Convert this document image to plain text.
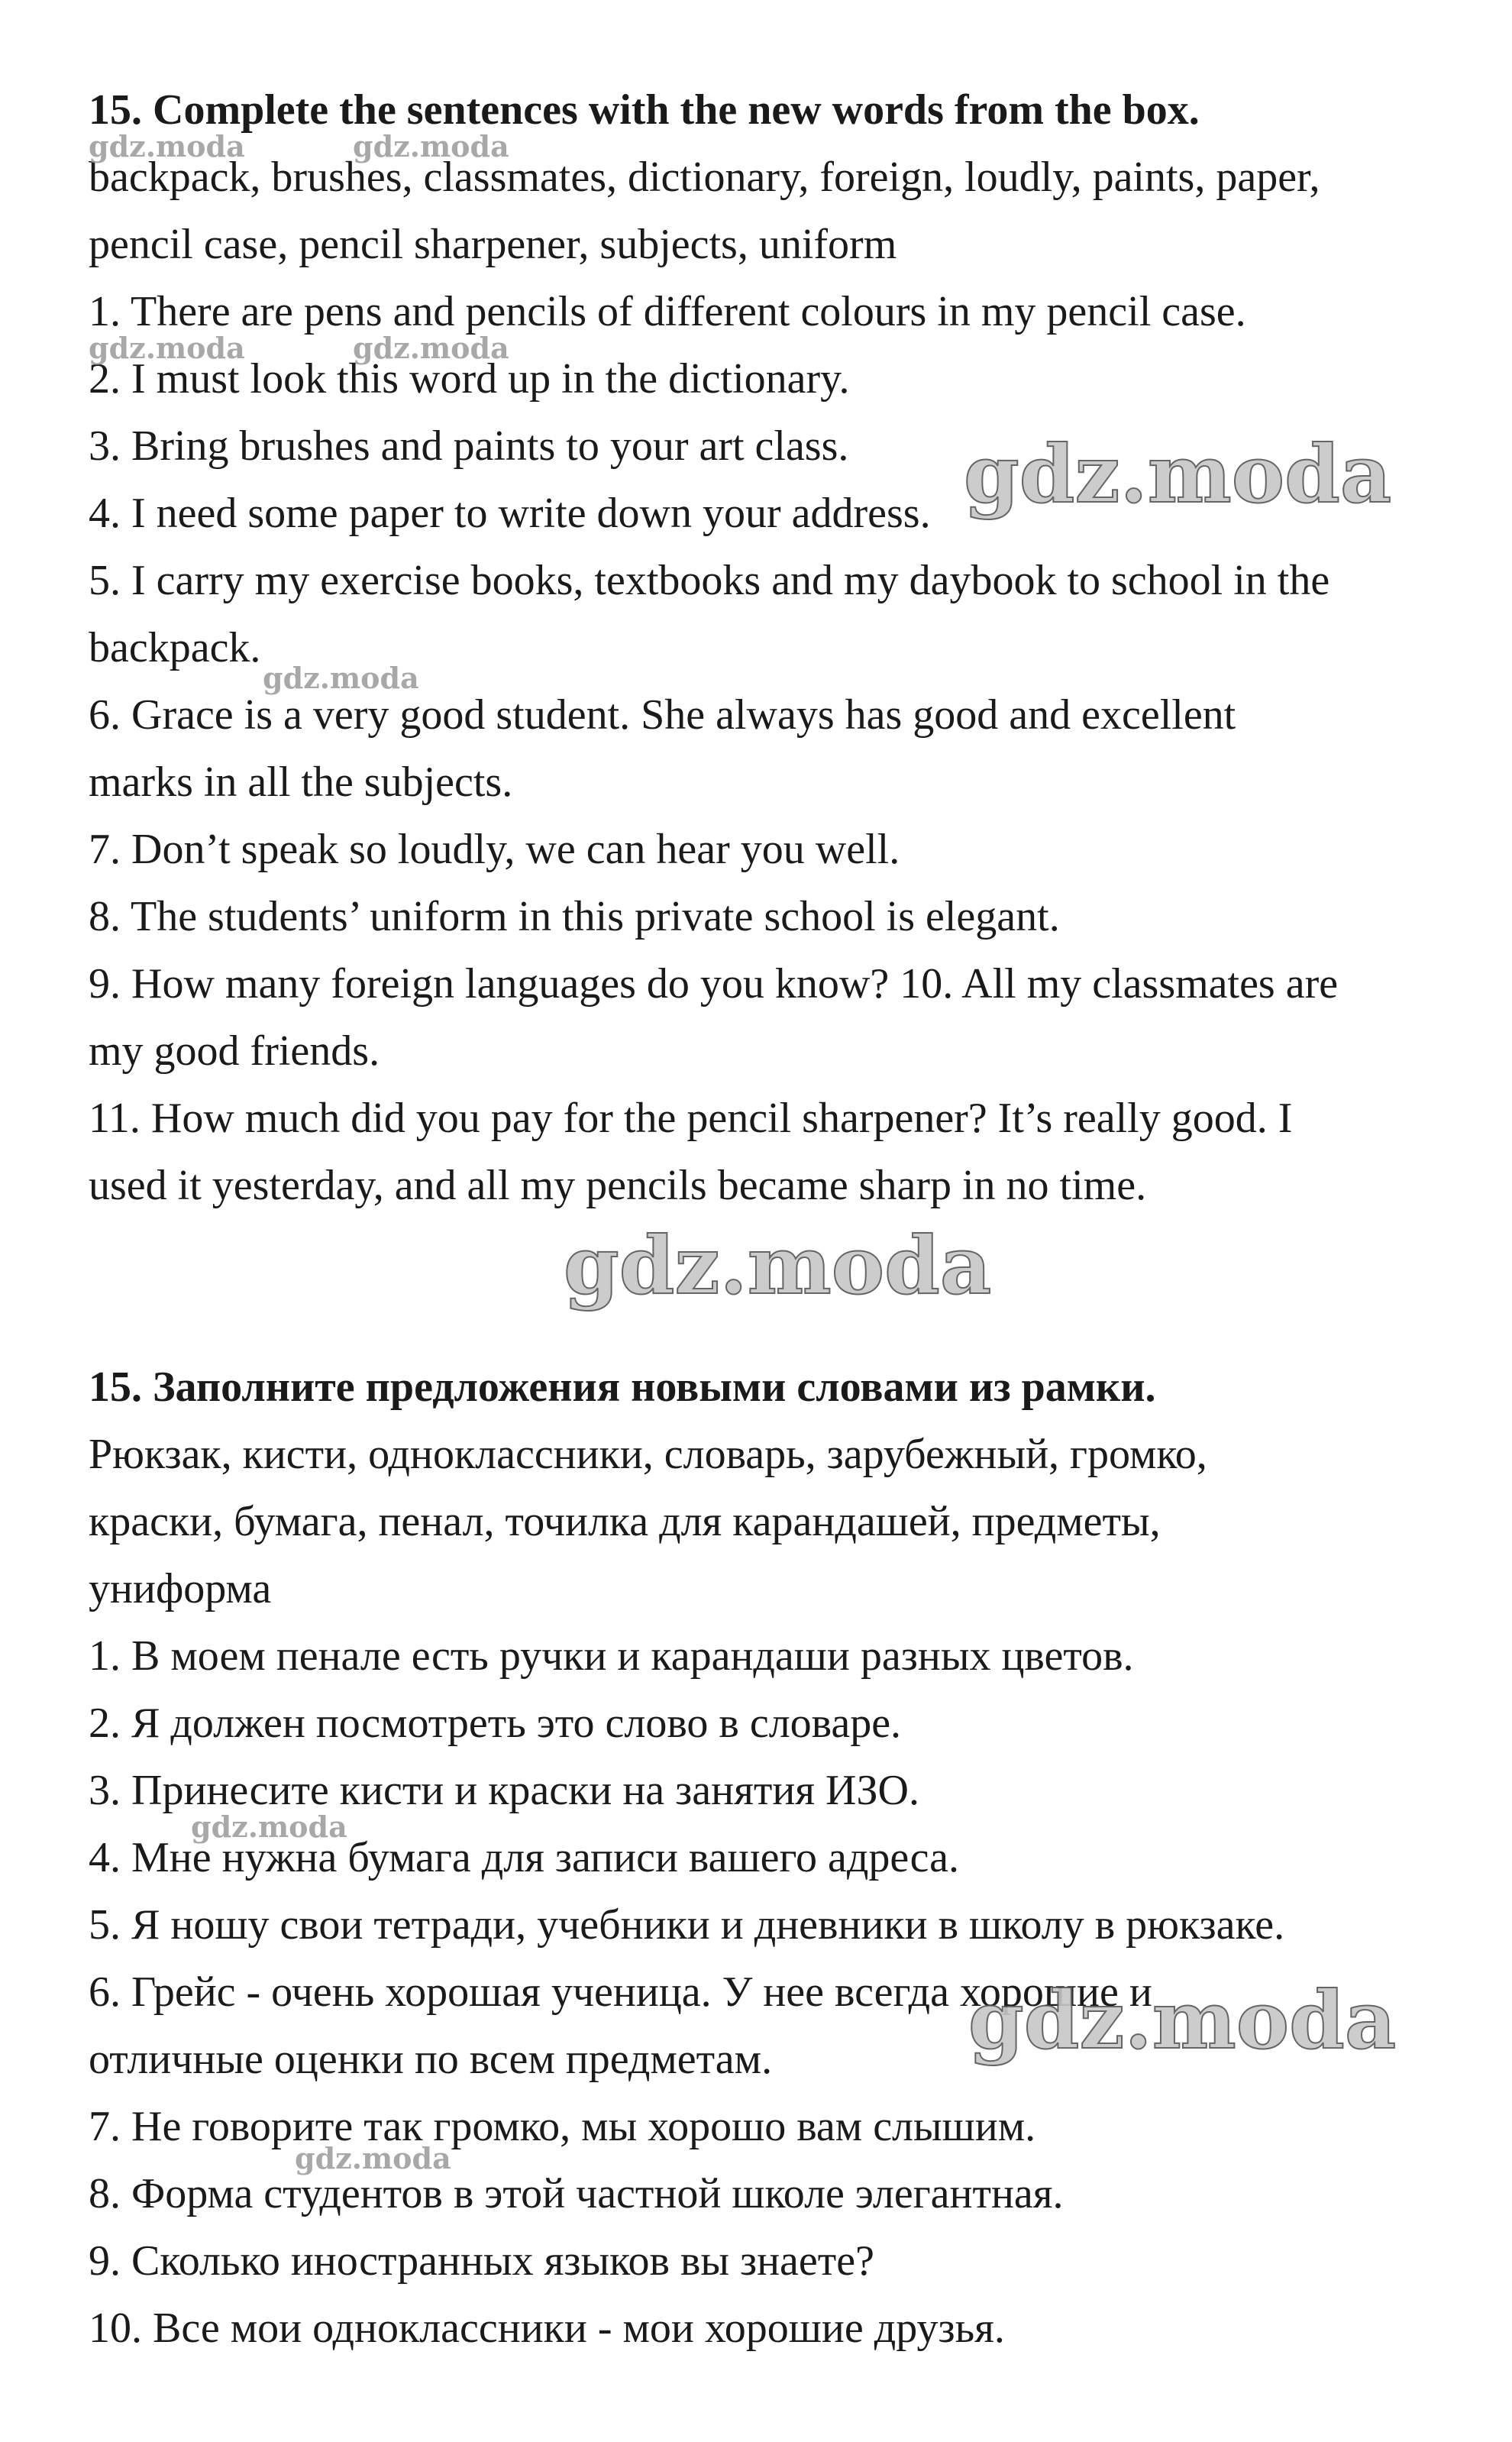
15. Complete the sentences with the new words from the box.
backpack, brushes, classmates, dictionary, foreign, loudly, paints, paper,
pencil case, pencil sharpener, subjects, uniform
1. There are pens and pencils of different colours in my pencil case.
2. I must look this word up in the dictionary.
3. Bring brushes and paints to your art class.
4. I need some paper to write down your address.
5. I carry my exercise books, textbooks and my daybook to school in the
backpack.
6. Grace is a very good student. She always has good and excellent
marks in all the subjects.
7. Don’t speak so loudly, we can hear you well.
8. The students’ uniform in this private school is elegant.
9. How many foreign languages do you know? 10. All my classmates are
my good friends.
11. How much did you pay for the pencil sharpener? It’s really good. I
used it yesterday, and all my pencils became sharp in no time.
15. Заполните предложения новыми словами из рамки.
Рюкзак, кисти, одноклассники, словарь, зарубежный, громко,
краски, бумага, пенал, точилка для карандашей, предметы,
униформа
1. В моем пенале есть ручки и карандаши разных цветов.
2. Я должен посмотреть это слово в словаре.
3. Принесите кисти и краски на занятия ИЗО.
4. Мне нужна бумага для записи вашего адреса.
5. Я ношу свои тетради, учебники и дневники в школу в рюкзаке.
6. Грейс - очень хорошая ученица. У нее всегда хорошие и
отличные оценки по всем предметам.
7. Не говорите так громко, мы хорошо вам слышим.
8. Форма студентов в этой частной школе элегантная.
9. Сколько иностранных языков вы знаете?
10. Все мои одноклассники - мои хорошие друзья.
gdz.moda	gdz.moda
gdz.moda	gdz.moda
gdz.moda
gdz.moda
gdz.moda
gdz.moda
gdz.moda
gdz.moda
